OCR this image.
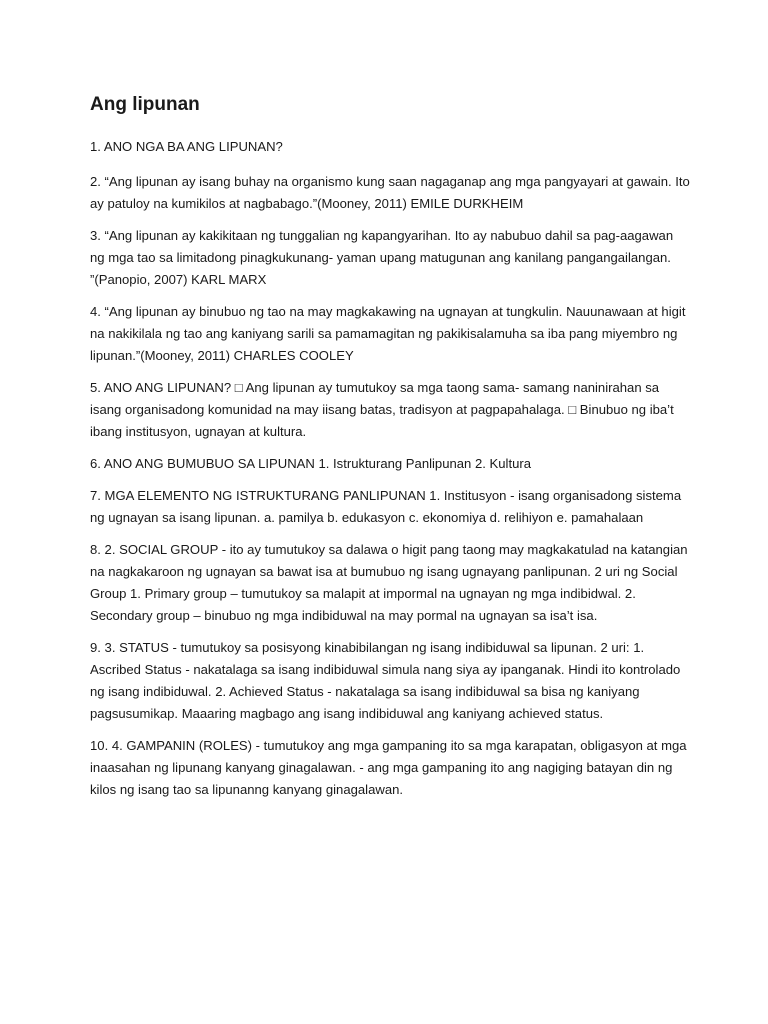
Ang lipunan

1. ANO NGA BA ANG LIPUNAN?

2. “Ang lipunan ay isang buhay na organismo kung saan nagaganap ang mga pangyayari at gawain. Ito ay patuloy na kumikilos at nagbabago.”(Mooney, 2011) EMILE DURKHEIM

3. “Ang lipunan ay kakikitaan ng tunggalian ng kapangyarihan. Ito ay nabubuo dahil sa pag-aagawan ng mga tao sa limitadong pinagkukunang- yaman upang matugunan ang kanilang pangangailangan. ”(Panopio, 2007) KARL MARX

4. “Ang lipunan ay binubuo ng tao na may magkakawing na ugnayan at tungkulin. Nauunawaan at higit na nakikilala ng tao ang kaniyang sarili sa pamamagitan ng pakikisalamuha sa iba pang miyembro ng lipunan.”(Mooney, 2011) CHARLES COOLEY

5. ANO ANG LIPUNAN? □ Ang lipunan ay tumutukoy sa mga taong sama- samang naninirahan sa isang organisadong komunidad na may iisang batas, tradisyon at pagpapahalaga. □ Binubuo ng iba’t ibang institusyon, ugnayan at kultura.

6. ANO ANG BUMUBUO SA LIPUNAN 1. Istrukturang Panlipunan 2. Kultura

7. MGA ELEMENTO NG ISTRUKTURANG PANLIPUNAN 1. Institusyon - isang organisadong sistema ng ugnayan sa isang lipunan. a. pamilya b. edukasyon c. ekonomiya d. relihiyon e. pamahalaan

8. 2. SOCIAL GROUP - ito ay tumutukoy sa dalawa o higit pang taong may magkakatulad na katangian na nagkakaroon ng ugnayan sa bawat isa at bumubuo ng isang ugnayang panlipunan. 2 uri ng Social Group 1. Primary group – tumutukoy sa malapit at impormal na ugnayan ng mga indibidwal. 2. Secondary group – binubuo ng mga indibiduwal na may pormal na ugnayan sa isa’t isa.

9. 3. STATUS - tumutukoy sa posisyong kinabibilangan ng isang indibiduwal sa lipunan. 2 uri: 1. Ascribed Status - nakatalaga sa isang indibiduwal simula nang siya ay ipanganak. Hindi ito kontrolado ng isang indibiduwal. 2. Achieved Status - nakatalaga sa isang indibiduwal sa bisa ng kaniyang pagsusumikap. Maaaring magbago ang isang indibiduwal ang kaniyang achieved status.

10. 4. GAMPANIN (ROLES) - tumutukoy ang mga gampaning ito sa mga karapatan, obligasyon at mga inaasahan ng lipunang kanyang ginagalawan. - ang mga gampaning ito ang nagiging batayan din ng kilos ng isang tao sa lipunanng kanyang ginagalawan.
